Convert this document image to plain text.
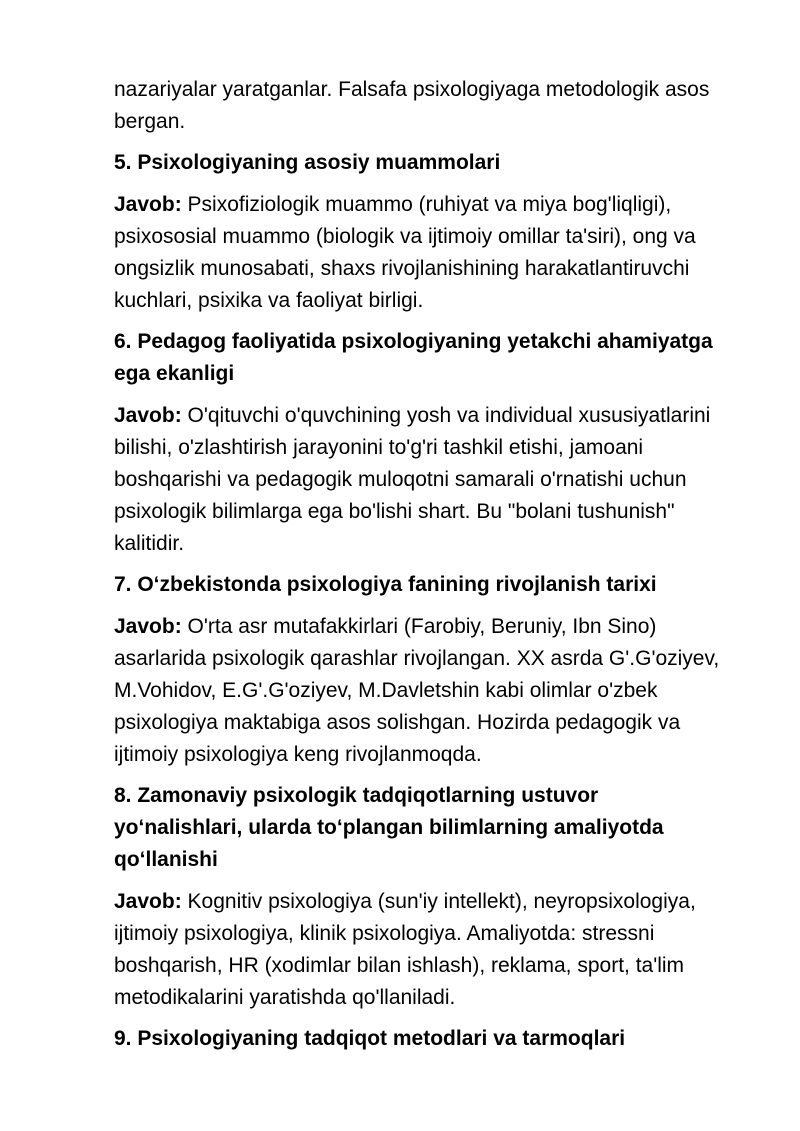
nazariyalar yaratganlar. Falsafa psixologiyaga metodologik asos bergan.

5. Psixologiyaning asosiy muammolari

Javob: Psixofiziologik muammo (ruhiyat va miya bog'liqligi), psixososial muammo (biologik va ijtimoiy omillar ta'siri), ong va ongsizlik munosabati, shaxs rivojlanishining harakatlantiruvchi kuchlari, psixika va faoliyat birligi.

6. Pedagog faoliyatida psixologiyaning yetakchi ahamiyatga ega ekanligi

Javob: O'qituvchi o'quvchining yosh va individual xususiyatlarini bilishi, o'zlashtirish jarayonini to'g'ri tashkil etishi, jamoani boshqarishi va pedagogik muloqotni samarali o'rnatishi uchun psixologik bilimlarga ega bo'lishi shart. Bu "bolani tushunish" kalitidir.

7. O‘zbekistonda psixologiya fanining rivojlanish tarixi

Javob: O'rta asr mutafakkirlari (Farobiy, Beruniy, Ibn Sino) asarlarida psixologik qarashlar rivojlangan. XX asrda G'.G'oziyev, M.Vohidov, E.G'.G'oziyev, M.Davletshin kabi olimlar o'zbek psixologiya maktabiga asos solishgan. Hozirda pedagogik va ijtimoiy psixologiya keng rivojlanmoqda.

8. Zamonaviy psixologik tadqiqotlarning ustuvor yo‘nalishlari, ularda to‘plangan bilimlarning amaliyotda qo‘llanishi

Javob: Kognitiv psixologiya (sun'iy intellekt), neyropsixologiya, ijtimoiy psixologiya, klinik psixologiya. Amaliyotda: stressni boshqarish, HR (xodimlar bilan ishlash), reklama, sport, ta'lim metodikalarini yaratishda qo'llaniladi.

9. Psixologiyaning tadqiqot metodlari va tarmoqlari
